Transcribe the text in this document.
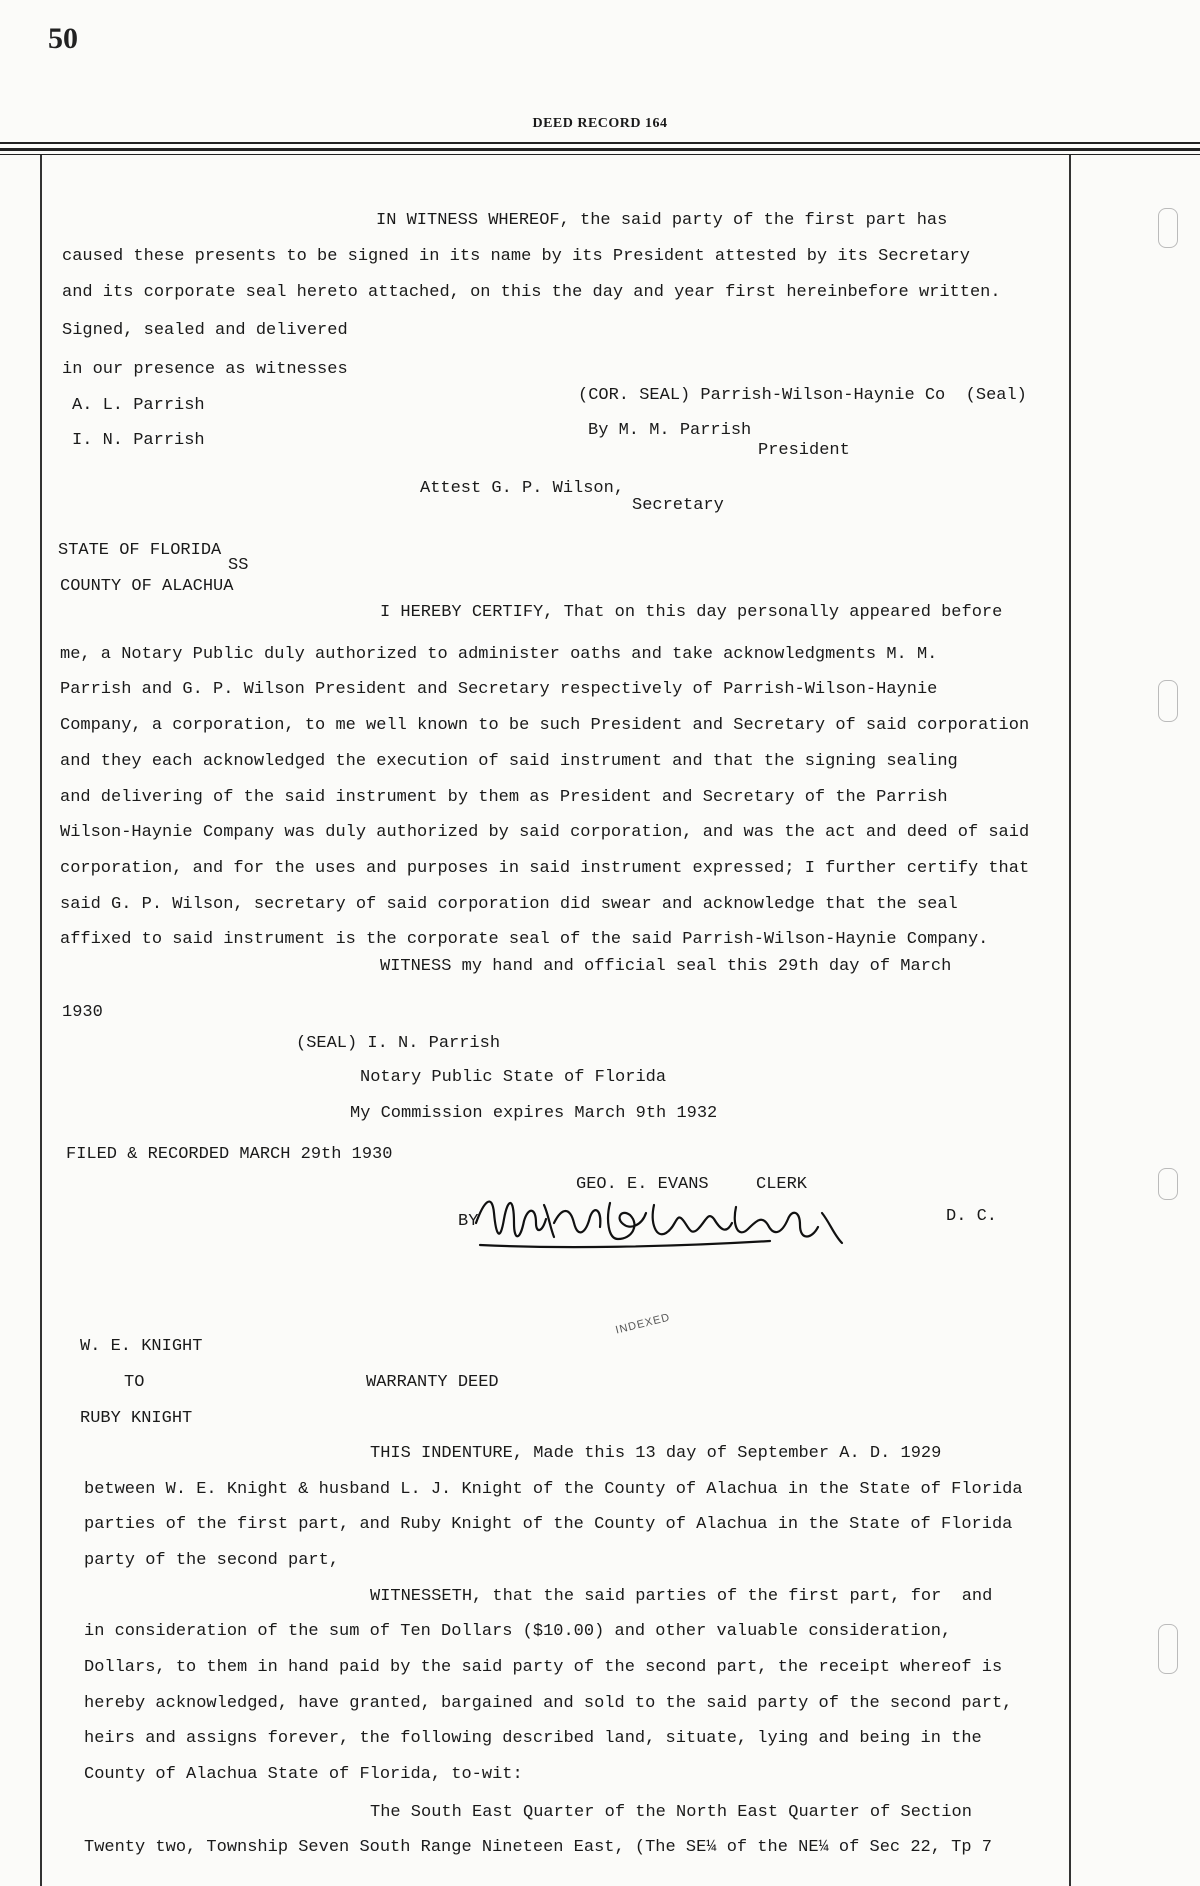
50
DEED RECORD 164
IN WITNESS WHEREOF, the said party of the first part has
caused these presents to be signed in its name by its President attested by its Secretary
and its corporate seal hereto attached, on this the day and year first hereinbefore written.
Signed, sealed and delivered
in our presence as witnesses
A. L. Parrish
(COR. SEAL) Parrish-Wilson-Haynie Co  (Seal)
I. N. Parrish
By M. M. Parrish
President
Attest G. P. Wilson,
Secretary
STATE OF FLORIDA
SS
COUNTY OF ALACHUA
I HEREBY CERTIFY, That on this day personally appeared before
me, a Notary Public duly authorized to administer oaths and take acknowledgments M. M.
Parrish and G. P. Wilson President and Secretary respectively of Parrish-Wilson-Haynie
Company, a corporation, to me well known to be such President and Secretary of said corporation
and they each acknowledged the execution of said instrument and that the signing sealing
and delivering of the said instrument by them as President and Secretary of the Parrish
Wilson-Haynie Company was duly authorized by said corporation, and was the act and deed of said
corporation, and for the uses and purposes in said instrument expressed; I further certify that
said G. P. Wilson, secretary of said corporation did swear and acknowledge that the seal
affixed to said instrument is the corporate seal of the said Parrish-Wilson-Haynie Company.
WITNESS my hand and official seal this 29th day of March
1930
(SEAL) I. N. Parrish
Notary Public State of Florida
My Commission expires March 9th 1932
FILED & RECORDED MARCH 29th 1930
GEO. E. EVANS	CLERK
BY	D. C.
INDEXED
W. E. KNIGHT
TO	WARRANTY DEED
RUBY KNIGHT
THIS INDENTURE, Made this 13 day of September A. D. 1929
between W. E. Knight & husband L. J. Knight of the County of Alachua in the State of Florida
parties of the first part, and Ruby Knight of the County of Alachua in the State of Florida
party of the second part,
WITNESSETH, that the said parties of the first part, for  and
in consideration of the sum of Ten Dollars ($10.00) and other valuable consideration,
Dollars, to them in hand paid by the said party of the second part, the receipt whereof is
hereby acknowledged, have granted, bargained and sold to the said party of the second part,
heirs and assigns forever, the following described land, situate, lying and being in the
County of Alachua State of Florida, to-wit:
The South East Quarter of the North East Quarter of Section
Twenty two, Township Seven South Range Nineteen East, (The SE¼ of the NE¼ of Sec 22, Tp 7
